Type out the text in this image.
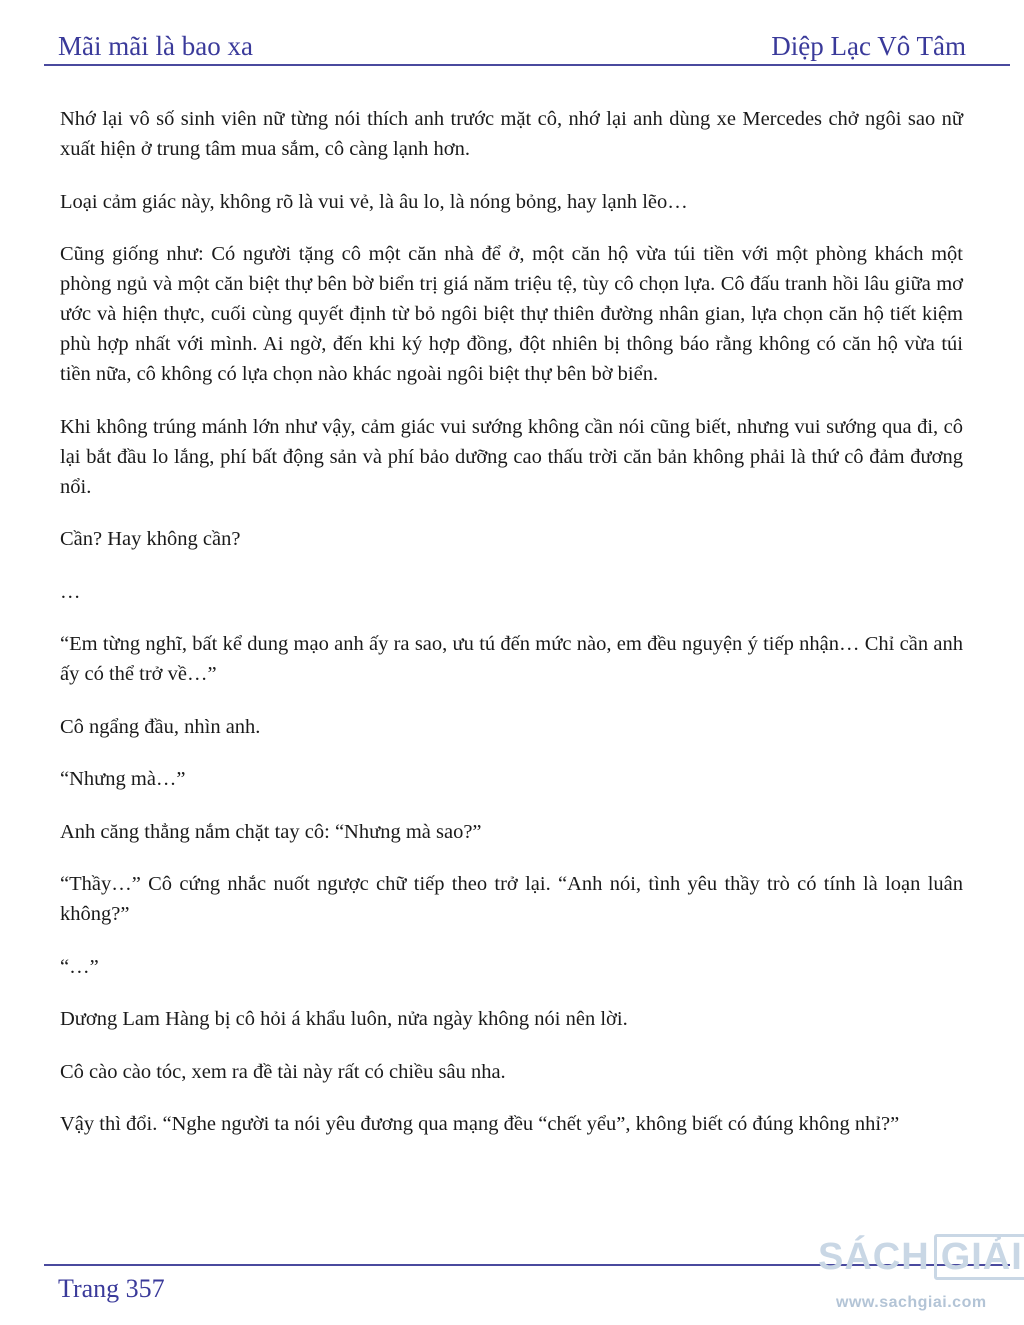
Mãi mãi là bao xa	Diệp Lạc Vô Tâm

Nhớ lại vô số sinh viên nữ từng nói thích anh trước mặt cô, nhớ lại anh dùng xe Mercedes chở ngôi sao nữ xuất hiện ở trung tâm mua sắm, cô càng lạnh hơn.

Loại cảm giác này, không rõ là vui vẻ, là âu lo, là nóng bỏng, hay lạnh lẽo…

Cũng giống như: Có người tặng cô một căn nhà để ở, một căn hộ vừa túi tiền với một phòng khách một phòng ngủ và một căn biệt thự bên bờ biển trị giá năm triệu tệ, tùy cô chọn lựa. Cô đấu tranh hồi lâu giữa mơ ước và hiện thực, cuối cùng quyết định từ bỏ ngôi biệt thự thiên đường nhân gian, lựa chọn căn hộ tiết kiệm phù hợp nhất với mình. Ai ngờ, đến khi ký hợp đồng, đột nhiên bị thông báo rằng không có căn hộ vừa túi tiền nữa, cô không có lựa chọn nào khác ngoài ngôi biệt thự bên bờ biển.

Khi không trúng mánh lớn như vậy, cảm giác vui sướng không cần nói cũng biết, nhưng vui sướng qua đi, cô lại bắt đầu lo lắng, phí bất động sản và phí bảo dưỡng cao thấu trời căn bản không phải là thứ cô đảm đương nổi.

Cần? Hay không cần?

…

“Em từng nghĩ, bất kể dung mạo anh ấy ra sao, ưu tú đến mức nào, em đều nguyện ý tiếp nhận… Chỉ cần anh ấy có thể trở về…”

Cô ngẩng đầu, nhìn anh.

“Nhưng mà…”

Anh căng thẳng nắm chặt tay cô: “Nhưng mà sao?”

“Thầy…” Cô cứng nhắc nuốt ngược chữ tiếp theo trở lại. “Anh nói, tình yêu thầy trò có tính là loạn luân không?”

“…”

Dương Lam Hàng bị cô hỏi á khẩu luôn, nửa ngày không nói nên lời.

Cô cào cào tóc, xem ra đề tài này rất có chiều sâu nha.

Vậy thì đổi. “Nghe người ta nói yêu đương qua mạng đều “chết yểu”, không biết có đúng không nhỉ?”

Trang 357
SÁCH GIẢI
www.sachgiai.com
